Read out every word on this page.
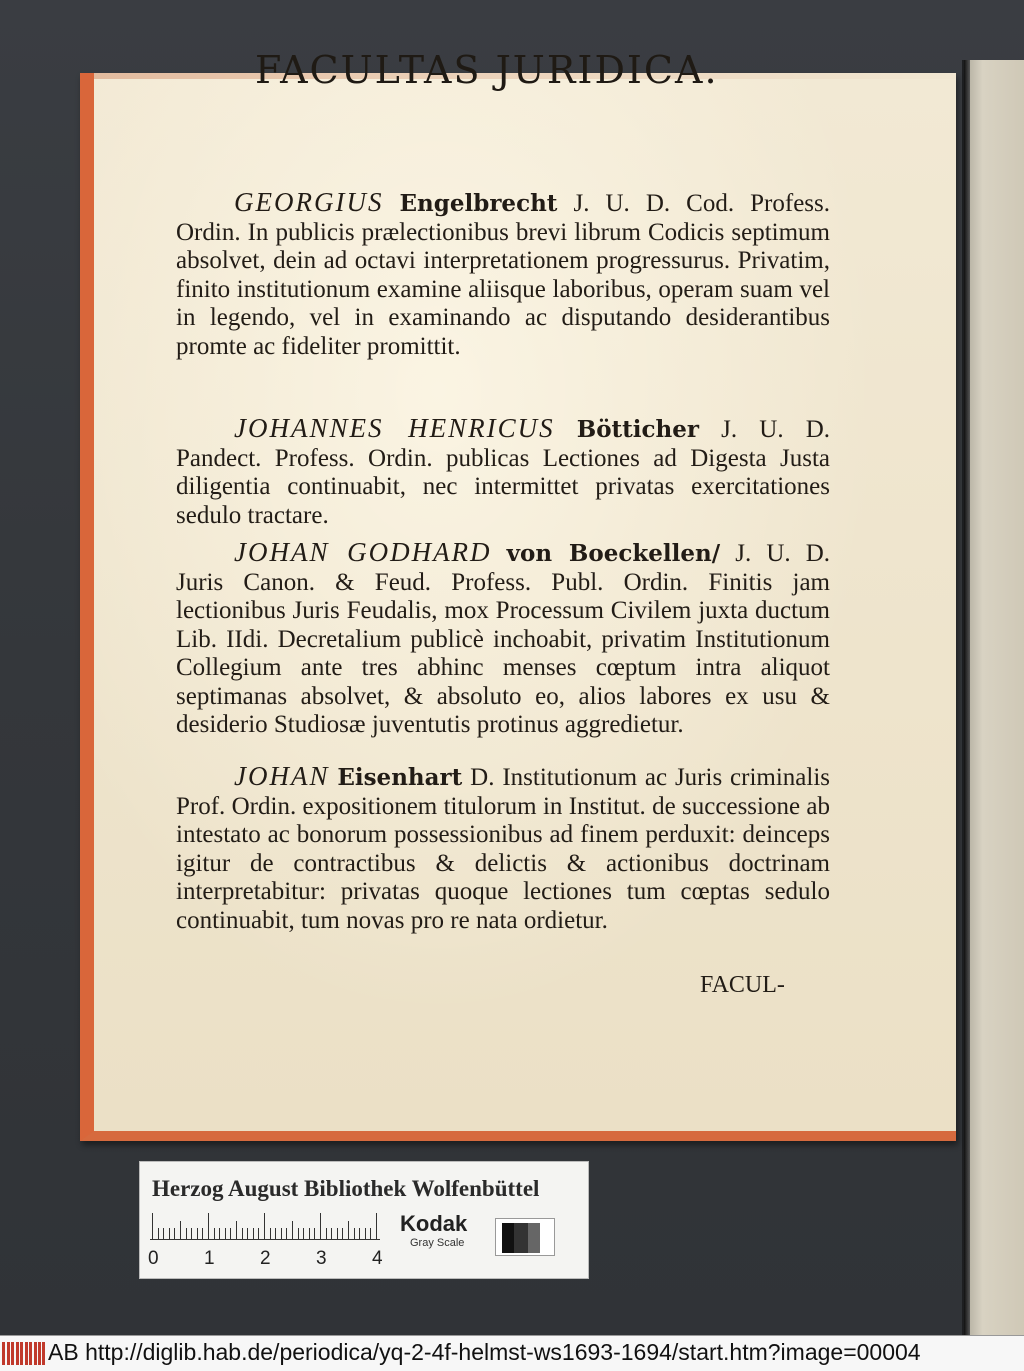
FACULTAS JURIDICA.
GEORGIUS Engelbrecht J. U. D. Cod. Profess. Ordin. In publicis prælectionibus brevi librum Codicis septimum absolvet, dein ad octavi interpretationem progressurus. Privatim, finito institutionum examine aliisque laboribus, operam suam vel in legendo, vel in examinando ac disputando desiderantibus promte ac fideliter promittit.
JOHANNES HENRICUS Bötticher J. U. D. Pandect. Profess. Ordin. publicas Lectiones ad Digesta Justa diligentia continuabit, nec intermittet privatas exercitationes sedulo tractare.
JOHAN GODHARD von Boeckellen/ J. U. D. Juris Canon. & Feud. Profess. Publ. Ordin. Finitis jam lectionibus Juris Feudalis, mox Processum Civilem juxta ductum Lib. IIdi. Decretalium publicè inchoabit, privatim Institutionum Collegium ante tres abhinc menses cœptum intra aliquot septimanas absolvet, & absoluto eo, alios labores ex usu & desiderio Studiosæ juventutis protinus aggredietur.
JOHAN Eisenhart D. Institutionum ac Juris criminalis Prof. Ordin. expositionem titulorum in Institut. de successione ab intestato ac bonorum possessionibus ad finem perduxit: deinceps igitur de contractibus & delictis & actionibus doctrinam interpretabitur: privatas quoque lectiones tum cœptas sedulo continuabit, tum novas pro re nata ordietur.
FACUL-
Herzog August Bibliothek Wolfenbüttel
0 1 2 3 4
Kodak
Gray Scale
AB http://diglib.hab.de/periodica/yq-2-4f-helmst-ws1693-1694/start.htm?image=00004
